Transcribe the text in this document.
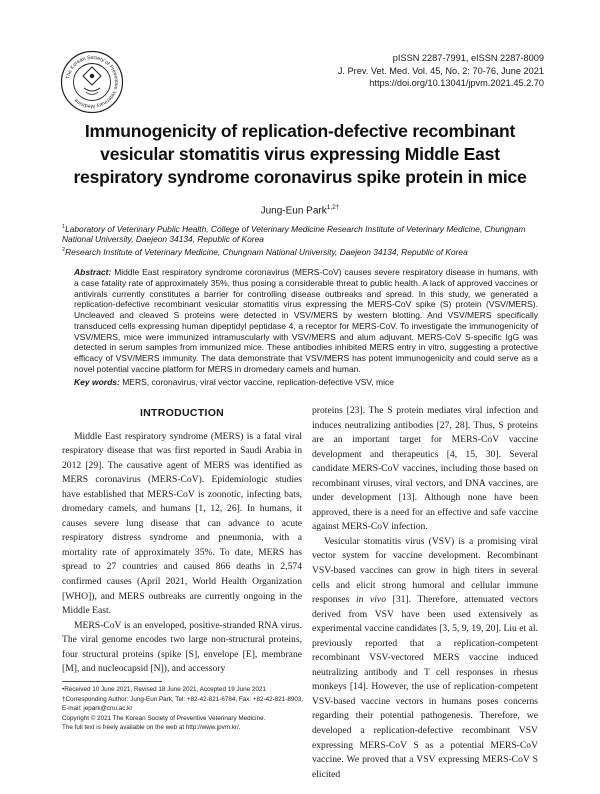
The Korean Society of Preventive Veterinary Medicine
pISSN 2287-7991, eISSN 2287-8009
J. Prev. Vet. Med. Vol. 45, No. 2: 70-76, June 2021
https://doi.org/10.13041/jpvm.2021.45.2.70
Immunogenicity of replication-defective recombinant vesicular stomatitis virus expressing Middle East respiratory syndrome coronavirus spike protein in mice
Jung-Eun Park$^{1,2\dagger}$
$^1$Laboratory of Veterinary Public Health, College of Veterinary Medicine Research Institute of Veterinary Medicine, Chungnam National University, Daejeon 34134, Republic of Korea
$^2$Research Institute of Veterinary Medicine, Chungnam National University, Daejeon 34134, Republic of Korea
Abstract: Middle East respiratory syndrome coronavirus (MERS-CoV) causes severe respiratory disease in humans, with a case fatality rate of approximately 35%, thus posing a considerable threat to public health. A lack of approved vaccines or antivirals currently constitutes a barrier for controlling disease outbreaks and spread. In this study, we generated a replication-defective recombinant vesicular stomatitis virus expressing the MERS-CoV spike (S) protein (VSV/MERS). Uncleaved and cleaved S proteins were detected in VSV/MERS by western blotting. And VSV/MERS specifically transduced cells expressing human dipeptidyl peptidase 4, a receptor for MERS-CoV. To investigate the immunogenicity of VSV/MERS, mice were immunized intramuscularly with VSV/MERS and alum adjuvant. MERS-CoV S-specific IgG was detected in serum samples from immunized mice. These antibodies inhibited MERS entry in vitro, suggesting a protective efficacy of VSV/MERS immunity. The data demonstrate that VSV/MERS has potent immunogenicity and could serve as a novel potential vaccine platform for MERS in dromedary camels and human.
Key words: MERS, coronavirus, viral vector vaccine, replication-defective VSV, mice

INTRODUCTION

Middle East respiratory syndrome (MERS) is a fatal viral respiratory disease that was first reported in Saudi Arabia in 2012 [29]. The causative agent of MERS was identified as MERS coronavirus (MERS-CoV). Epidemiologic studies have established that MERS-CoV is zoonotic, infecting bats, dromedary camels, and humans [1, 12, 26]. In humans, it causes severe lung disease that can advance to acute respiratory distress syndrome and pneumonia, with a mortality rate of approximately 35%. To date, MERS has spread to 27 countries and caused 866 deaths in 2,574 confirmed causes (April 2021, World Health Organization [WHO]), and MERS outbreaks are currently ongoing in the Middle East.

MERS-CoV is an enveloped, positive-stranded RNA virus. The viral genome encodes two large non-structural proteins, four structural proteins (spike [S], envelope [E], membrane [M], and nucleocapsid [N]), and accessory

proteins [23]. The S protein mediates viral infection and induces neutralizing antibodies [27, 28]. Thus, S proteins are an important target for MERS-CoV vaccine development and therapeutics [4, 15, 30]. Several candidate MERS-CoV vaccines, including those based on recombinant viruses, viral vectors, and DNA vaccines, are under development [13]. Although none have been approved, there is a need for an effective and safe vaccine against MERS-CoV infection.

Vesicular stomatitis virus (VSV) is a promising viral vector system for vaccine development. Recombinant VSV-based vaccines can grow in high titers in several cells and elicit strong humoral and cellular immune responses in vivo [31]. Therefore, attenuated vectors derived from VSV have been used extensively as experimental vaccine candidates [3, 5, 9, 19, 20]. Liu et al. previously reported that a replication-competent recombinant VSV-vectored MERS vaccine induced neutralizing antibody and T cell responses in rhesus monkeys [14]. However, the use of replication-competent VSV-based vaccine vectors in humans poses concerns regarding their potential pathogenesis. Therefore, we developed a replication-defective recombinant VSV expressing MERS-CoV S as a potential MERS-CoV vaccine. We proved that a VSV expressing MERS-CoV S elicited

•Received 10 June 2021, Revised 18 June 2021, Accepted 19 June 2021
†Corresponding Author: Jung-Eun Park, Tel: +82-42-821-6784, Fax: +82-42-821-8903,
E-mail: jepark@cnu.ac.kr
Copyright © 2021 The Korean Society of Preventive Veterinary Medicine.
The full text is freely available on the web at http://www.jpvm.kr/.
